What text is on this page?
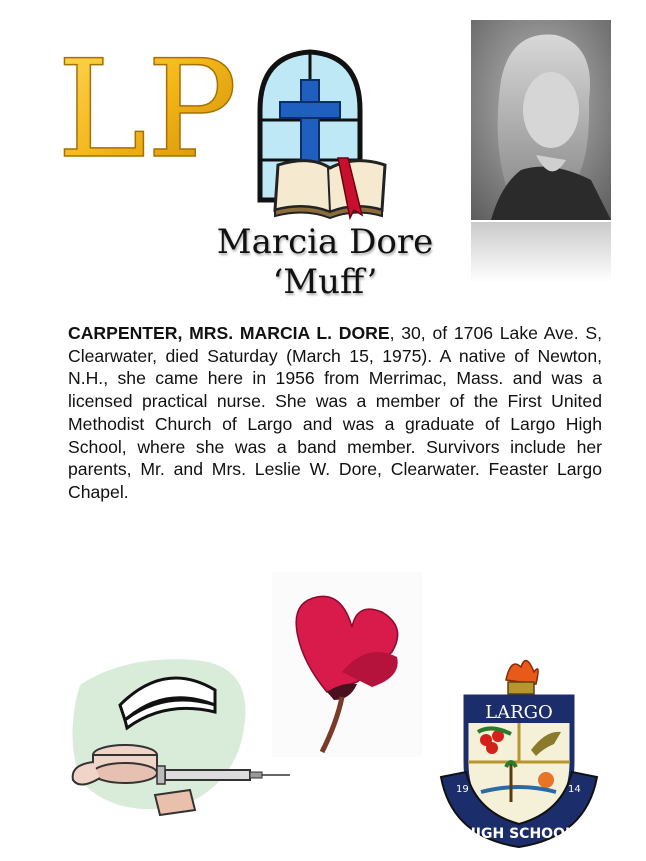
LP
Marcia Dore
‘Muff’
CARPENTER, MRS. MARCIA L. DORE, 30, of 1706 Lake Ave. S, Clearwater, died Saturday (March 15, 1975). A native of Newton, N.H., she came here in 1956 from Merrimac, Mass. and was a licensed practical nurse. She was a member of the First United Methodist Church of Largo and was a graduate of Largo High School, where she was a band member. Survivors include her parents, Mr. and Mrs. Leslie W. Dore, Clearwater. Feaster Largo Chapel.
LARGO
19	14
HIGH SCHOOL
